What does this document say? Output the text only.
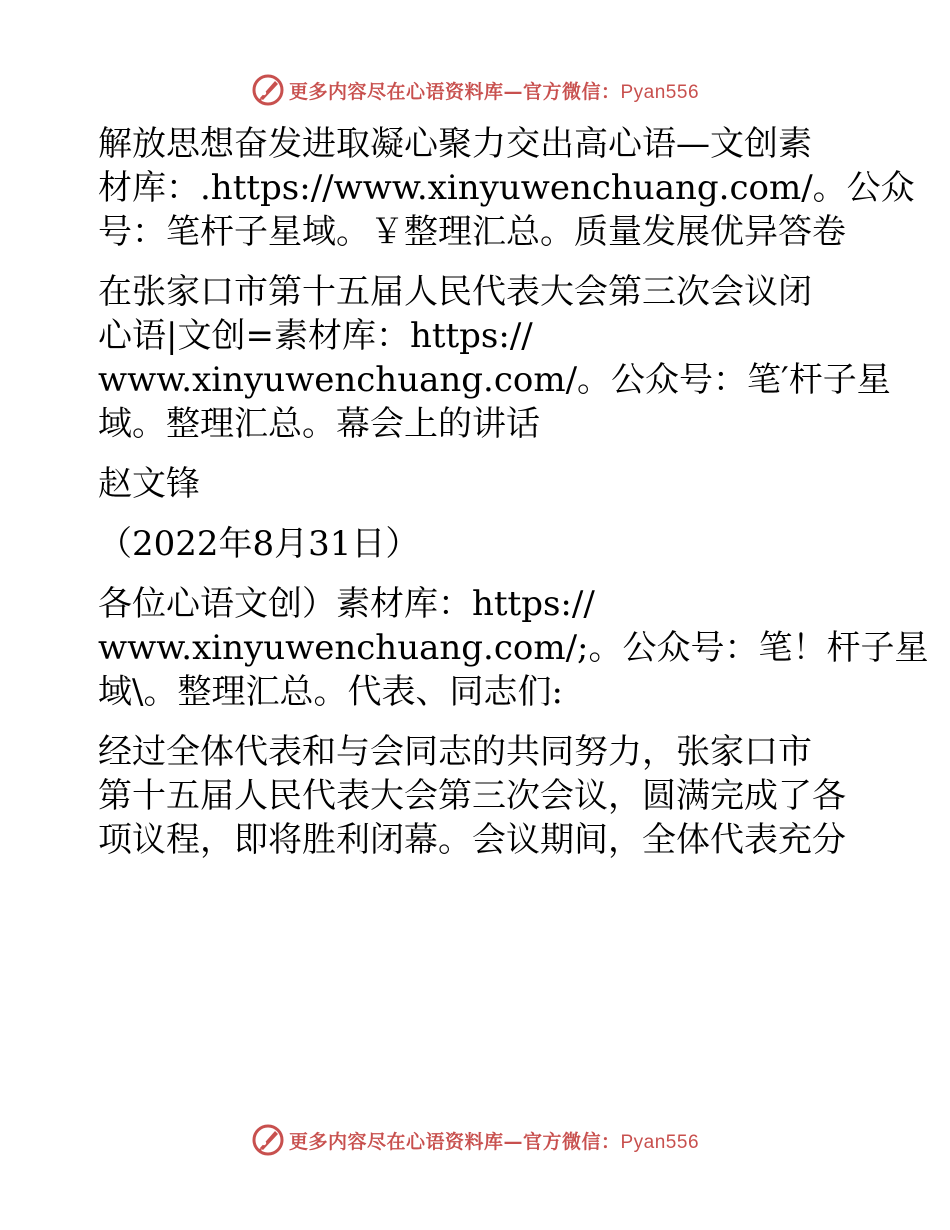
更多内容尽在心语资料库—官方微信：Pyan556
解放思想奋发进取凝心聚力交出高心语—文创素
材库：.https://www.xinyuwenchuang.com/。公众
号：笔杆子星域。￥整理汇总。质量发展优异答卷
在张家口市第十五届人民代表大会第三次会议闭
心语|文创=素材库：https://
www.xinyuwenchuang.com/。公众号：笔′杆子星
域。整理汇总。幕会上的讲话
赵文锋
（2022年8月31日）
各位心语文创）素材库：https://
www.xinyuwenchuang.com/;。公众号：笔！杆子星
域\。整理汇总。代表、同志们:
经过全体代表和与会同志的共同努力，张家口市
第十五届人民代表大会第三次会议，圆满完成了各
项议程，即将胜利闭幕。会议期间，全体代表充分
更多内容尽在心语资料库—官方微信：Pyan556
